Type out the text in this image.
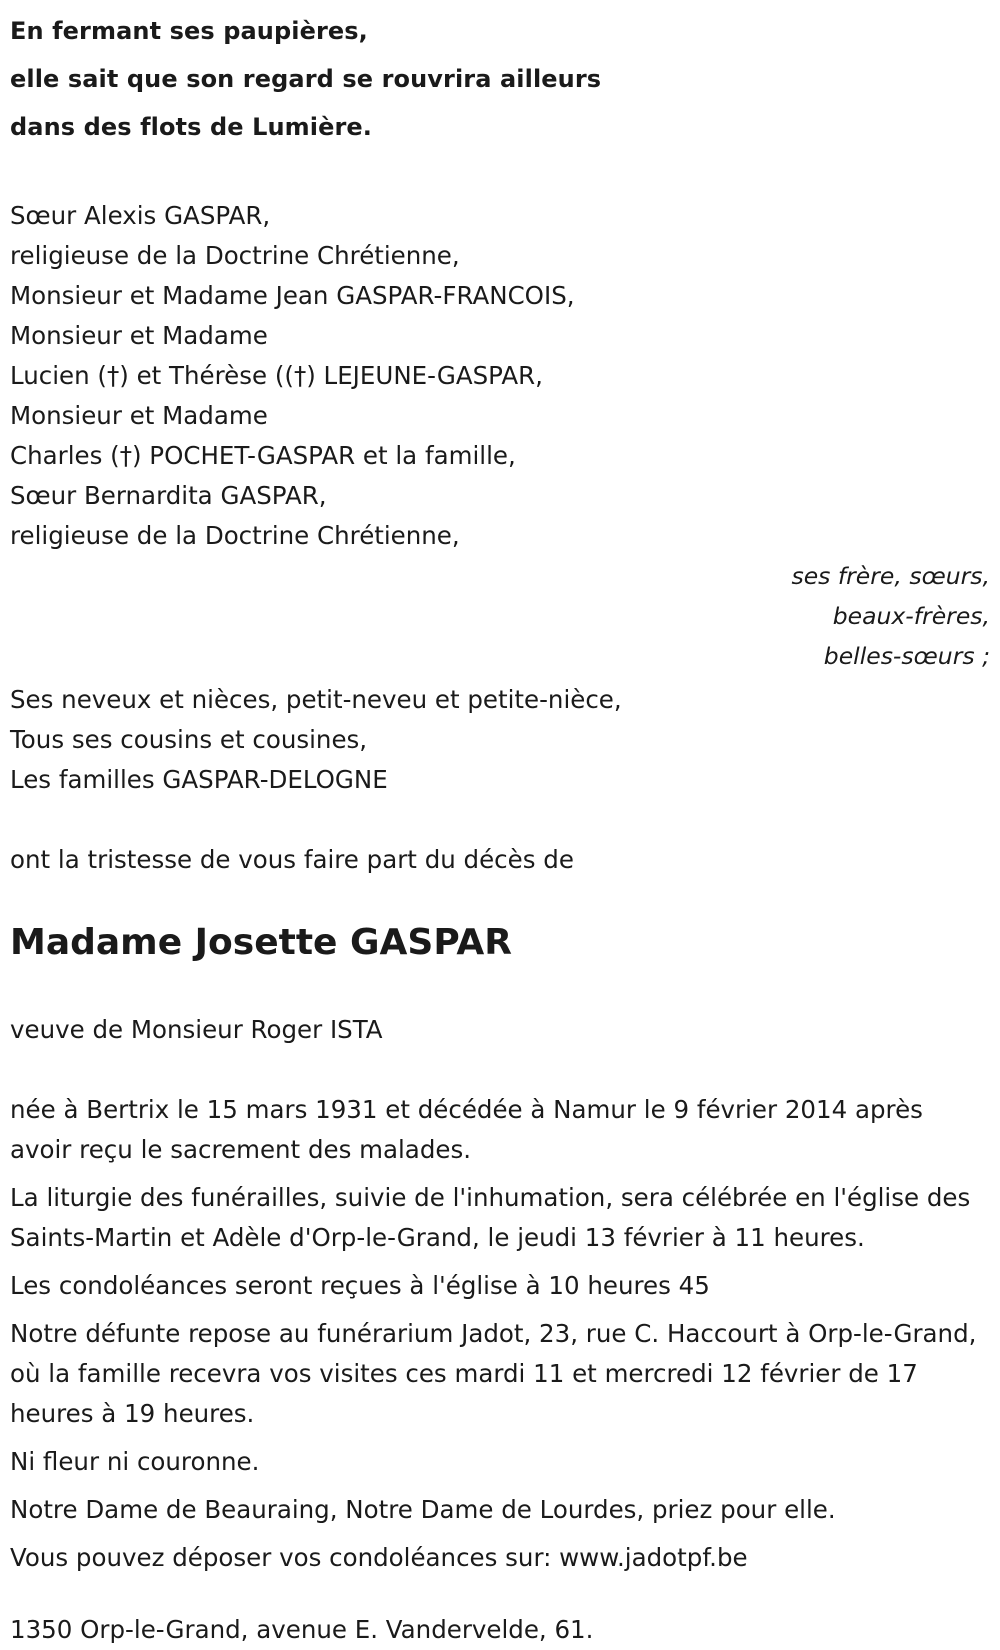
En fermant ses paupières,
elle sait que son regard se rouvrira ailleurs
dans des flots de Lumière.
Sœur Alexis GASPAR,
religieuse de la Doctrine Chrétienne,
Monsieur et Madame Jean GASPAR-FRANCOIS,
Monsieur et Madame
Lucien (†) et Thérèse ((†) LEJEUNE-GASPAR,
Monsieur et Madame
Charles (†) POCHET-GASPAR et la famille,
Sœur Bernardita GASPAR,
religieuse de la Doctrine Chrétienne,
ses frère, sœurs,
beaux-frères,
belles-sœurs ;
Ses neveux et nièces, petit-neveu et petite-nièce,
Tous ses cousins et cousines,
Les familles GASPAR-DELOGNE
ont la tristesse de vous faire part du décès de
Madame Josette GASPAR
veuve de Monsieur Roger ISTA

née à Bertrix le 15 mars 1931 et décédée à Namur le 9 février 2014 après avoir reçu le sacrement des malades.

La liturgie des funérailles, suivie de l'inhumation, sera célébrée en l'église des Saints-Martin et Adèle d'Orp-le-Grand, le jeudi 13 février à 11 heures.

Les condoléances seront reçues à l'église à 10 heures 45

Notre défunte repose au funérarium Jadot, 23, rue C. Haccourt à Orp-le-Grand, où la famille recevra vos visites ces mardi 11 et mercredi 12 février de 17 heures à 19 heures.

Ni fleur ni couronne.

Notre Dame de Beauraing, Notre Dame de Lourdes, priez pour elle.

Vous pouvez déposer vos condoléances sur: www.jadotpf.be

1350 Orp-le-Grand, avenue E. Vandervelde, 61.
